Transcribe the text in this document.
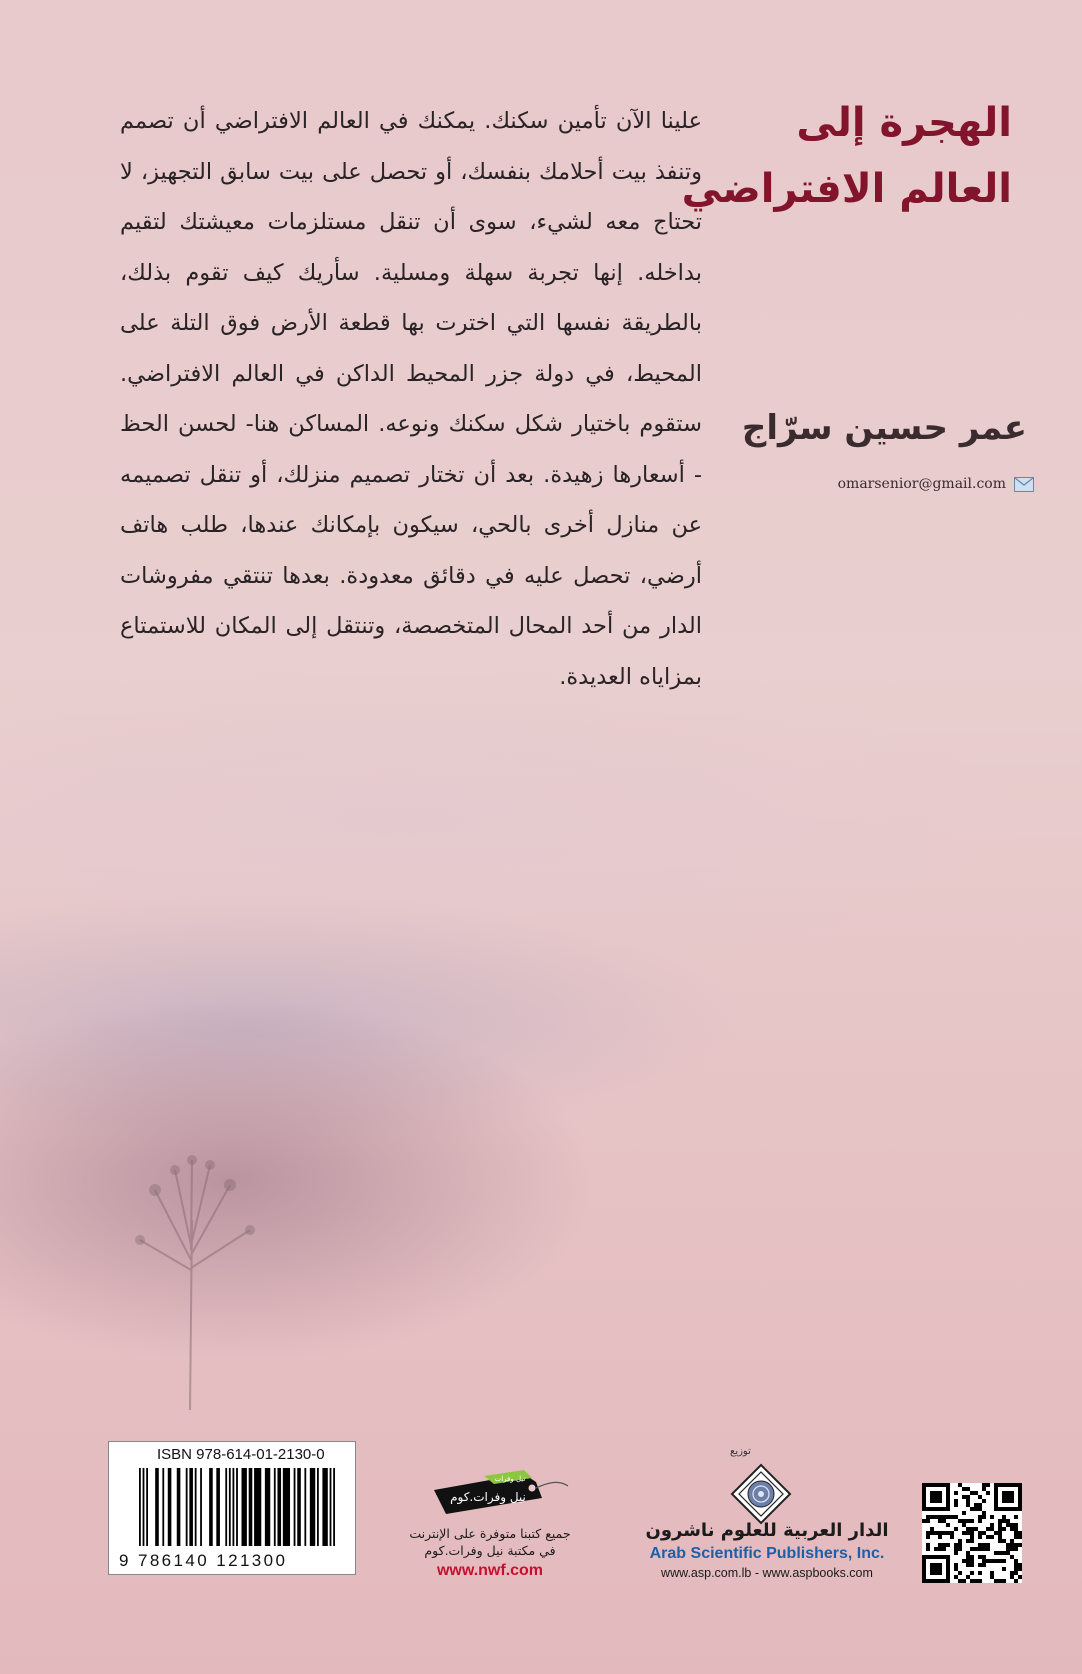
الهجرة إلى
العالم الافتراضي
عمر حسين سرّاج
omarsenior@gmail.com

علينا الآن تأمين سكنك. يمكنك في العالم الافتراضي أن تصمم وتنفذ بيت أحلامك بنفسك، أو تحصل على بيت سابق التجهيز، لا تحتاج معه لشيء، سوى أن تنقل مستلزمات معيشتك لتقيم بداخله. إنها تجربة سهلة ومسلية. سأريك كيف تقوم بذلك، بالطريقة نفسها التي اخترت بها قطعة الأرض فوق التلة على المحيط، في دولة جزر المحيط الداكن في العالم الافتراضي. ستقوم باختيار شكل سكنك ونوعه. المساكن هنا- لحسن الحظ - أسعارها زهيدة. بعد أن تختار تصميم منزلك، أو تنقل تصميمه عن منازل أخرى بالحي، سيكون بإمكانك عندها، طلب هاتف أرضي، تحصل عليه في دقائق معدودة. بعدها تنتقي مفروشات الدار من أحد المحال المتخصصة، وتنتقل إلى المكان للاستمتاع بمزاياه العديدة.

ISBN 978-614-01-2130-0
9 786140 121300
نيل وفرات.كوم
نيل وفرات
جميع كتبنا متوفرة على الإنترنت
في مكتبة نيل وفرات.كوم
www.nwf.com
توزيع
الدار العربية للعلوم ناشرون
Arab Scientific Publishers, Inc.
www.asp.com.lb - www.aspbooks.com
